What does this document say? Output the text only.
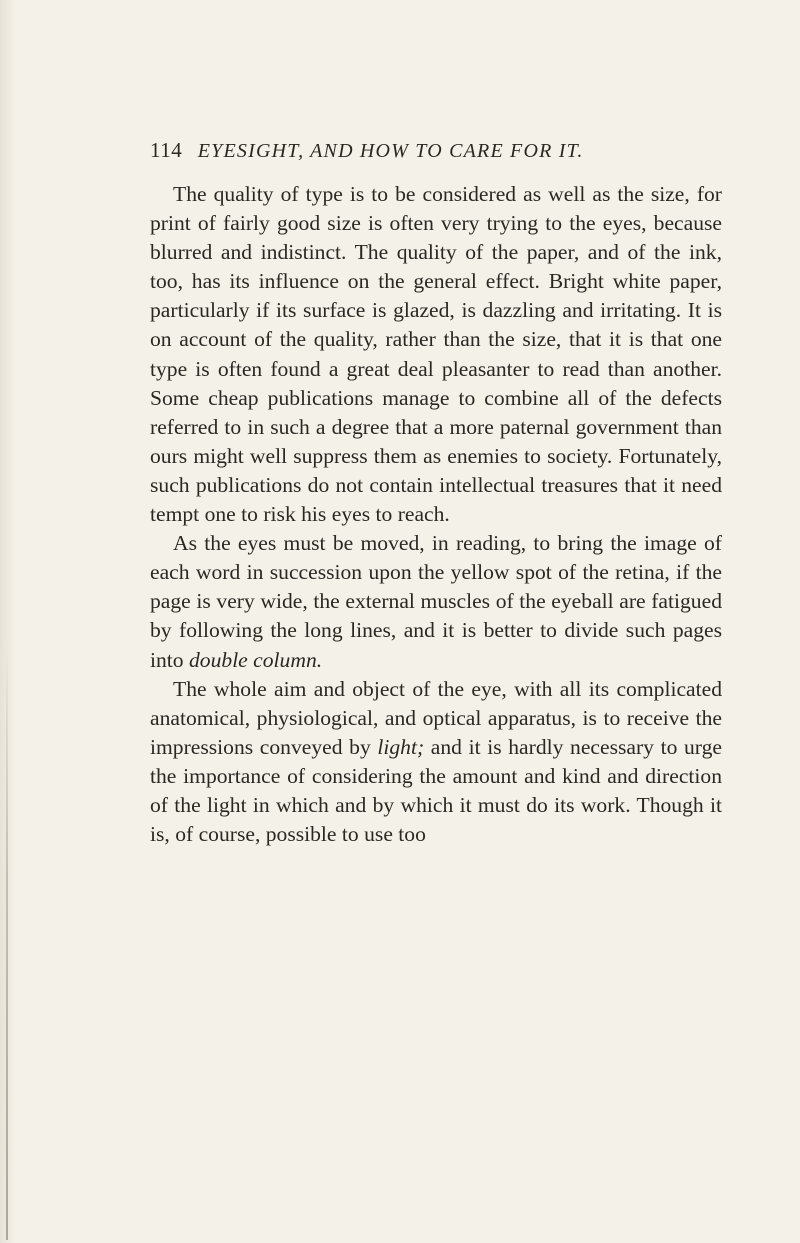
114 EYESIGHT, AND HOW TO CARE FOR IT.

The quality of type is to be considered as well as the size, for print of fairly good size is often very trying to the eyes, because blurred and indistinct. The quality of the paper, and of the ink, too, has its influence on the general effect. Bright white paper, particularly if its surface is glazed, is dazzling and irritating. It is on account of the quality, rather than the size, that it is that one type is often found a great deal pleasanter to read than another. Some cheap publications manage to combine all of the defects referred to in such a degree that a more paternal government than ours might well suppress them as enemies to society. Fortunately, such publications do not contain intellectual treasures that it need tempt one to risk his eyes to reach.

As the eyes must be moved, in reading, to bring the image of each word in succession upon the yellow spot of the retina, if the page is very wide, the external muscles of the eyeball are fatigued by following the long lines, and it is better to divide such pages into double column.

The whole aim and object of the eye, with all its complicated anatomical, physiological, and optical apparatus, is to receive the impressions conveyed by light; and it is hardly necessary to urge the importance of considering the amount and kind and direction of the light in which and by which it must do its work. Though it is, of course, possible to use too
